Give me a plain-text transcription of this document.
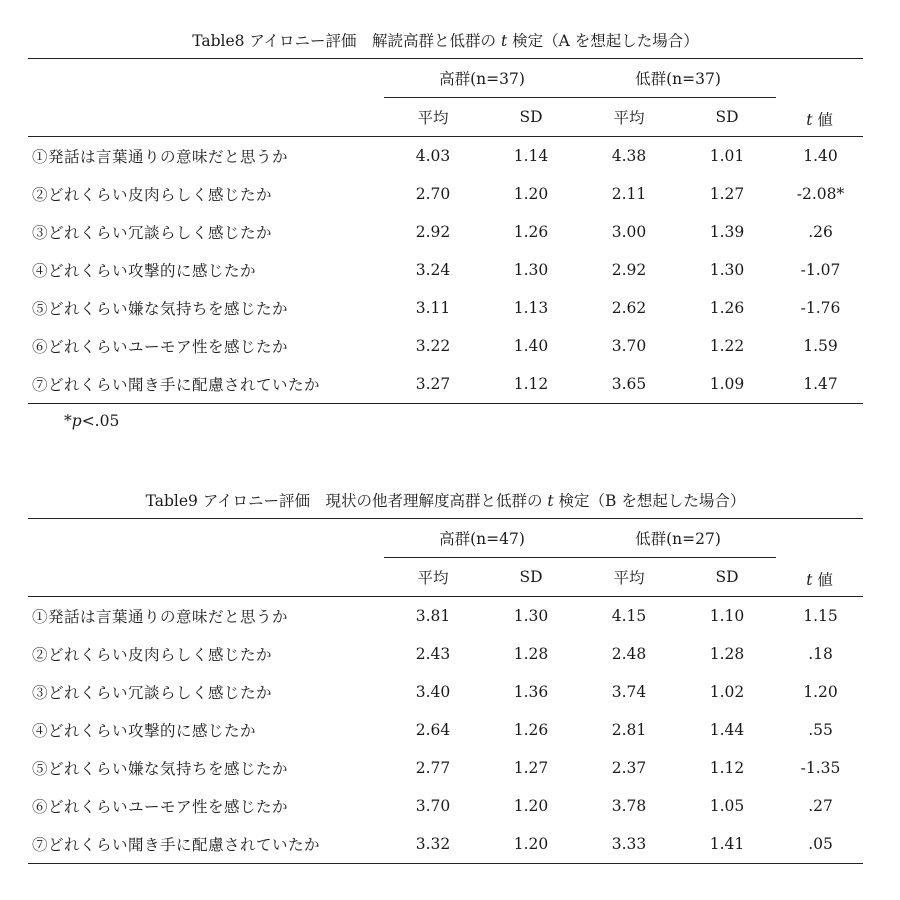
Table8 アイロニー評価　解読高群と低群の t 検定（A を想起した場合）
	高群(n=37)		低群(n=37)		t 値
	平均	SD	平均	SD	
①発話は言葉通りの意味だと思うか	4.03	1.14	4.38	1.01	1.40
②どれくらい皮肉らしく感じたか	2.70	1.20	2.11	1.27	-2.08*
③どれくらい冗談らしく感じたか	2.92	1.26	3.00	1.39	.26
④どれくらい攻撃的に感じたか	3.24	1.30	2.92	1.30	-1.07
⑤どれくらい嫌な気持ちを感じたか	3.11	1.13	2.62	1.26	-1.76
⑥どれくらいユーモア性を感じたか	3.22	1.40	3.70	1.22	1.59
⑦どれくらい聞き手に配慮されていたか	3.27	1.12	3.65	1.09	1.47
*p<.05
Table9 アイロニー評価　現状の他者理解度高群と低群の t 検定（B を想起した場合）
	高群(n=47)		低群(n=27)		t 値
	平均	SD	平均	SD	
①発話は言葉通りの意味だと思うか	3.81	1.30	4.15	1.10	1.15
②どれくらい皮肉らしく感じたか	2.43	1.28	2.48	1.28	.18
③どれくらい冗談らしく感じたか	3.40	1.36	3.74	1.02	1.20
④どれくらい攻撃的に感じたか	2.64	1.26	2.81	1.44	.55
⑤どれくらい嫌な気持ちを感じたか	2.77	1.27	2.37	1.12	-1.35
⑥どれくらいユーモア性を感じたか	3.70	1.20	3.78	1.05	.27
⑦どれくらい聞き手に配慮されていたか	3.32	1.20	3.33	1.41	.05
